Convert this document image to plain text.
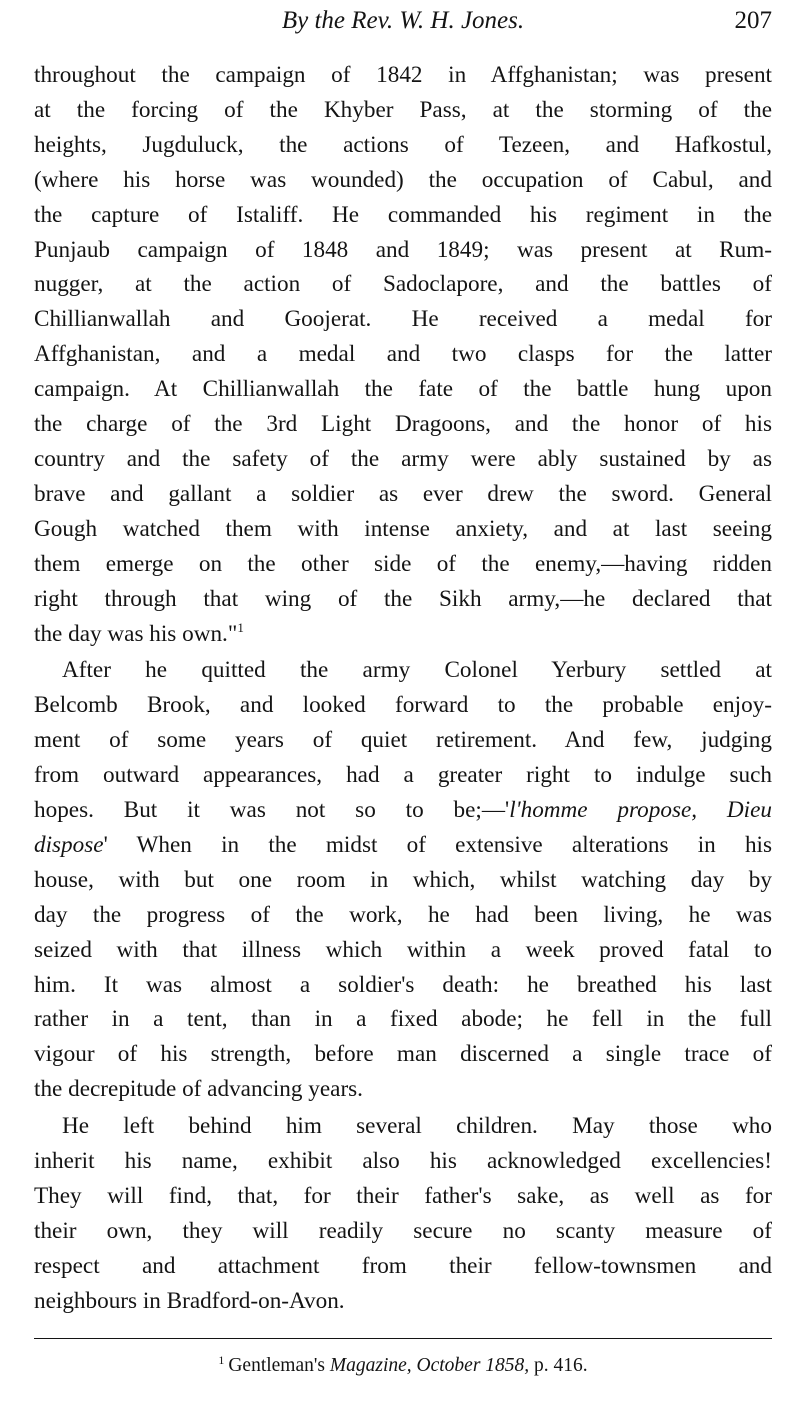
By the Rev. W. H. Jones.	207

throughout the campaign of 1842 in Affghanistan; was present
at the forcing of the Khyber Pass, at the storming of the
heights, Jugduluck, the actions of Tezeen, and Hafkostul,
(where his horse was wounded) the occupation of Cabul, and
the capture of Istaliff. He commanded his regiment in the
Punjaub campaign of 1848 and 1849; was present at Rum-
nugger, at the action of Sadoclapore, and the battles of
Chillianwallah and Goojerat. He received a medal for
Affghanistan, and a medal and two clasps for the latter
campaign. At Chillianwallah the fate of the battle hung upon
the charge of the 3rd Light Dragoons, and the honor of his
country and the safety of the army were ably sustained by as
brave and gallant a soldier as ever drew the sword. General
Gough watched them with intense anxiety, and at last seeing
them emerge on the other side of the enemy,—having ridden
right through that wing of the Sikh army,—he declared that
the day was his own."$^1$

After he quitted the army Colonel Yerbury settled at
Belcomb Brook, and looked forward to the probable enjoy-
ment of some years of quiet retirement. And few, judging
from outward appearances, had a greater right to indulge such
hopes. But it was not so to be;—'l'homme propose, Dieu
dispose' When in the midst of extensive alterations in his
house, with but one room in which, whilst watching day by
day the progress of the work, he had been living, he was
seized with that illness which within a week proved fatal to
him. It was almost a soldier's death: he breathed his last
rather in a tent, than in a fixed abode; he fell in the full
vigour of his strength, before man discerned a single trace of
the decrepitude of advancing years.

He left behind him several children. May those who
inherit his name, exhibit also his acknowledged excellencies!
They will find, that, for their father's sake, as well as for
their own, they will readily secure no scanty measure of
respect and attachment from their fellow-townsmen and
neighbours in Bradford-on-Avon.

$^1$ Gentleman's Magazine, October 1858, p. 416.
